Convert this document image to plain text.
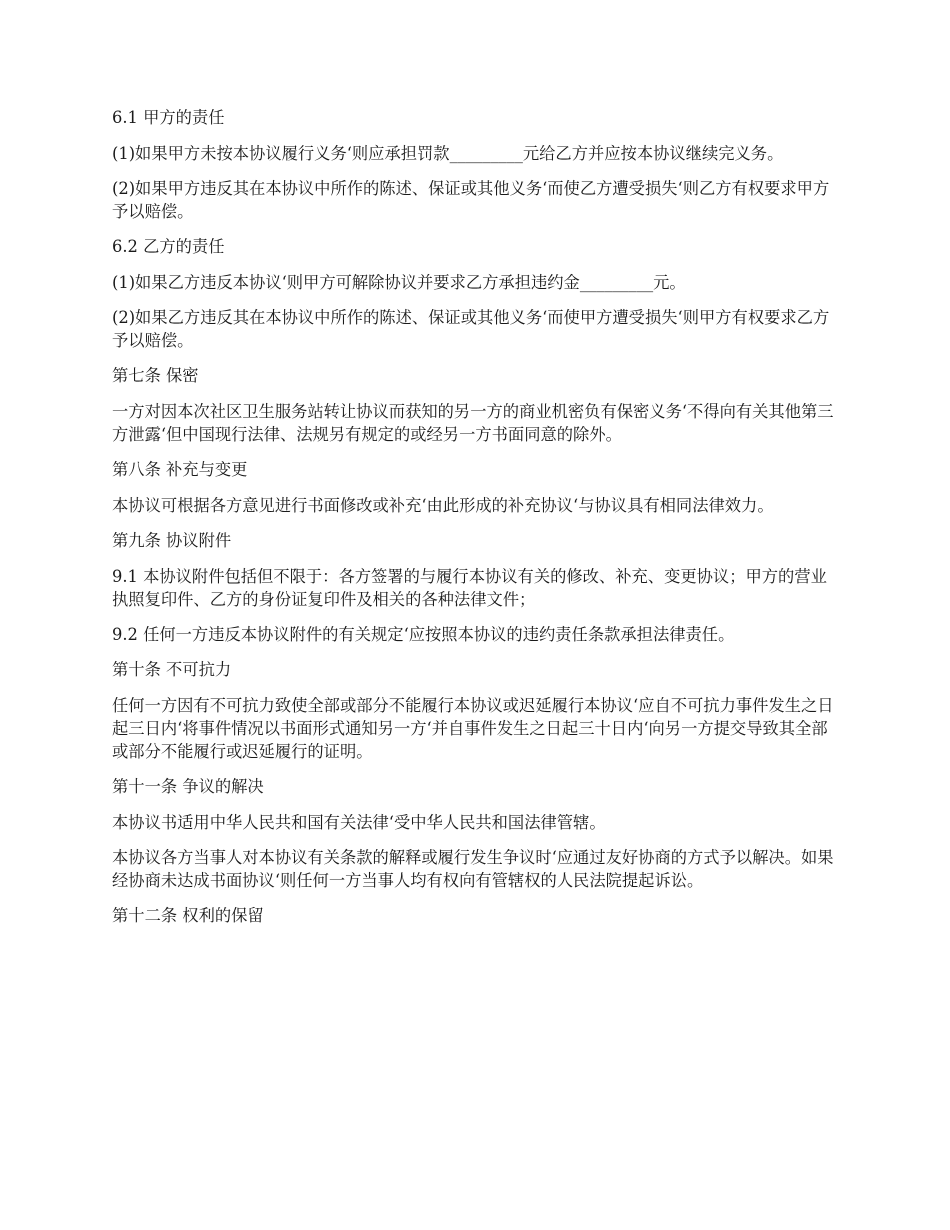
6.1 甲方的责任

(1)如果甲方未按本协议履行义务‘则应承担罚款_________元给乙方并应按本协议继续完义务。

(2)如果甲方违反其在本协议中所作的陈述、保证或其他义务‘而使乙方遭受损失‘则乙方有权要求甲方予以赔偿。

6.2 乙方的责任

(1)如果乙方违反本协议‘则甲方可解除协议并要求乙方承担违约金_________元。

(2)如果乙方违反其在本协议中所作的陈述、保证或其他义务‘而使甲方遭受损失‘则甲方有权要求乙方予以赔偿。

第七条 保密

一方对因本次社区卫生服务站转让协议而获知的另一方的商业机密负有保密义务‘不得向有关其他第三方泄露‘但中国现行法律、法规另有规定的或经另一方书面同意的除外。

第八条 补充与变更

本协议可根据各方意见进行书面修改或补充‘由此形成的补充协议‘与协议具有相同法律效力。

第九条 协议附件

9.1 本协议附件包括但不限于：各方签署的与履行本协议有关的修改、补充、变更协议；甲方的营业执照复印件、乙方的身份证复印件及相关的各种法律文件；

9.2 任何一方违反本协议附件的有关规定‘应按照本协议的违约责任条款承担法律责任。

第十条 不可抗力

任何一方因有不可抗力致使全部或部分不能履行本协议或迟延履行本协议‘应自不可抗力事件发生之日起三日内‘将事件情况以书面形式通知另一方‘并自事件发生之日起三十日内‘向另一方提交导致其全部或部分不能履行或迟延履行的证明。

第十一条 争议的解决

本协议书适用中华人民共和国有关法律‘受中华人民共和国法律管辖。

本协议各方当事人对本协议有关条款的解释或履行发生争议时‘应通过友好协商的方式予以解决。如果经协商未达成书面协议‘则任何一方当事人均有权向有管辖权的人民法院提起诉讼。

第十二条 权利的保留
